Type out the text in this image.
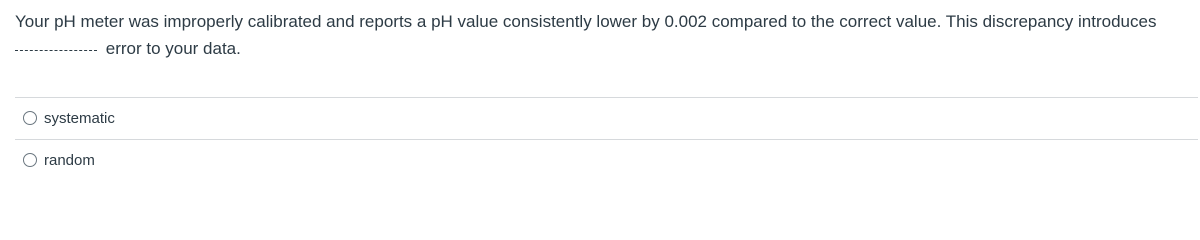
Your pH meter was improperly calibrated and reports a pH value consistently lower by 0.002 compared to the correct value. This discrepancy introduces
error to your data.
systematic
random
